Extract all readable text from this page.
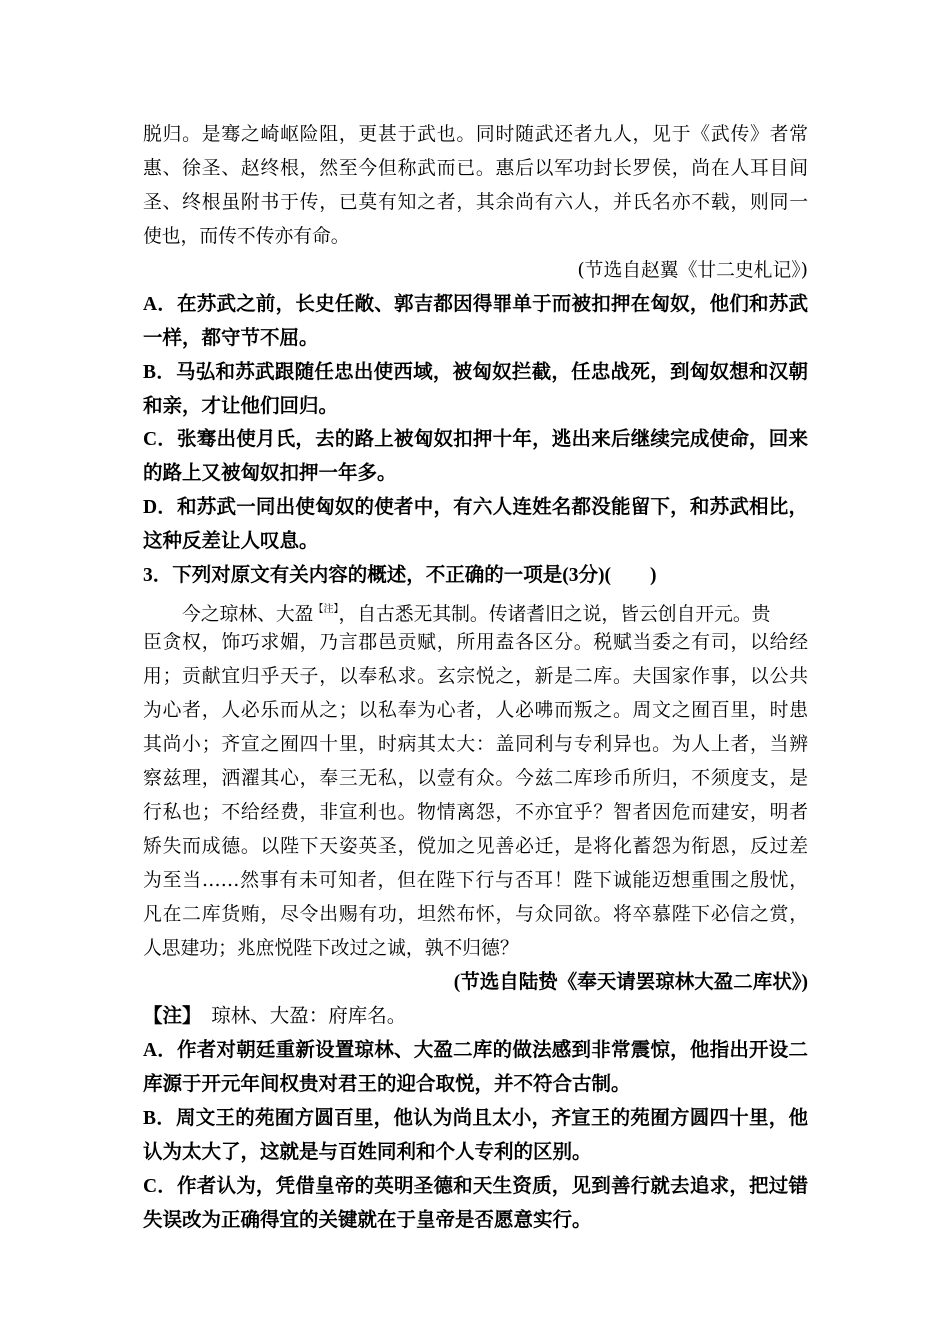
脱归。是骞之崎岖险阻，更甚于武也。同时随武还者九人，见于《武传》者常
惠、徐圣、赵终根，然至今但称武而已。惠后以军功封长罗侯，尚在人耳目间
圣、终根虽附书于传，已莫有知之者，其余尚有六人，并氏名亦不载，则同一
使也，而传不传亦有命。
(节选自赵翼《廿二史札记》)
A．在苏武之前，长史任敞、郭吉都因得罪单于而被扣押在匈奴，他们和苏武
一样，都守节不屈。
B．马弘和苏武跟随任忠出使西域，被匈奴拦截，任忠战死，到匈奴想和汉朝
和亲，才让他们回归。
C．张骞出使月氏，去的路上被匈奴扣押十年，逃出来后继续完成使命，回来
的路上又被匈奴扣押一年多。
D．和苏武一同出使匈奴的使者中，有六人连姓名都没能留下，和苏武相比，
这种反差让人叹息。
3．下列对原文有关内容的概述，不正确的一项是(3分)(　　)
今之琼林、大盈$^{【注】}$，自古悉无其制。传诸耆旧之说，皆云创自开元。贵
臣贪权，饰巧求媚，乃言郡邑贡赋，所用盍各区分。税赋当委之有司，以给经
用；贡献宜归乎天子，以奉私求。玄宗悦之，新是二库。夫国家作事，以公共
为心者，人必乐而从之；以私奉为心者，人必咈而叛之。周文之囿百里，时患
其尚小；齐宣之囿四十里，时病其太大：盖同利与专利异也。为人上者，当辨
察兹理，洒濯其心，奉三无私，以壹有众。今兹二库珍币所归，不须度支，是
行私也；不给经费，非宣利也。物情离怨，不亦宜乎？智者因危而建安，明者
矫失而成德。以陛下天姿英圣，傥加之见善必迁，是将化蓄怨为衔恩，反过差
为至当……然事有未可知者，但在陛下行与否耳！陛下诚能迈想重围之殷忧，
凡在二库货贿，尽令出赐有功，坦然布怀，与众同欲。将卒慕陛下必信之赏，
人思建功；兆庶悦陛下改过之诚，孰不归德？
(节选自陆贽《奉天请罢琼林大盈二库状》)
【注】　琼林、大盈：府库名。
A．作者对朝廷重新设置琼林、大盈二库的做法感到非常震惊，他指出开设二
库源于开元年间权贵对君王的迎合取悦，并不符合古制。
B．周文王的苑囿方圆百里，他认为尚且太小，齐宣王的苑囿方圆四十里，他
认为太大了，这就是与百姓同利和个人专利的区别。
C．作者认为，凭借皇帝的英明圣德和天生资质，见到善行就去追求，把过错
失误改为正确得宜的关键就在于皇帝是否愿意实行。
